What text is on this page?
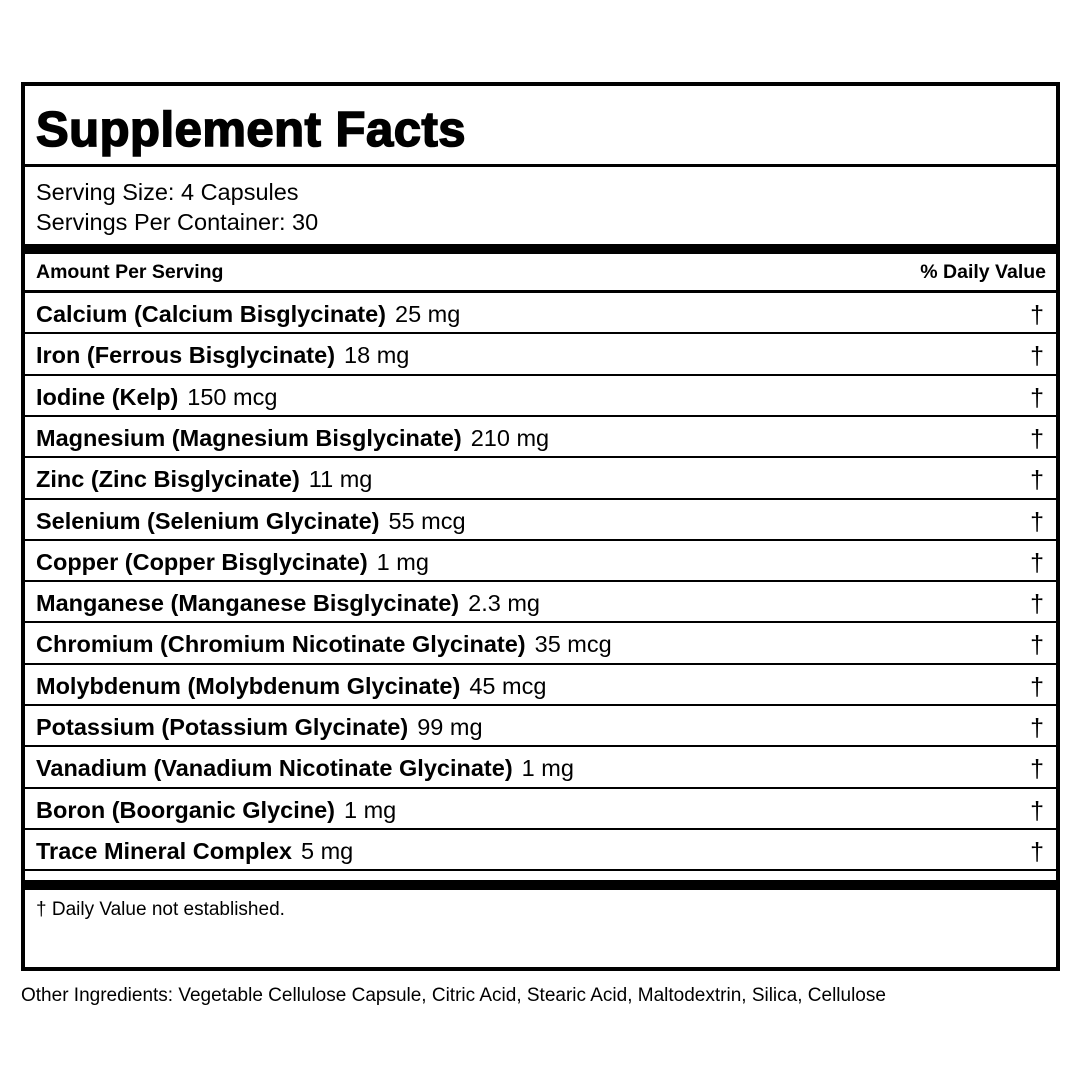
Supplement Facts
Serving Size: 4 Capsules
Servings Per Container: 30
Amount Per Serving	% Daily Value
Calcium (Calcium Bisglycinate) 25 mg	†
Iron (Ferrous Bisglycinate) 18 mg	†
Iodine (Kelp) 150 mcg	†
Magnesium (Magnesium Bisglycinate) 210 mg	†
Zinc (Zinc Bisglycinate) 11 mg	†
Selenium (Selenium Glycinate) 55 mcg	†
Copper (Copper Bisglycinate) 1 mg	†
Manganese (Manganese Bisglycinate) 2.3 mg	†
Chromium (Chromium Nicotinate Glycinate) 35 mcg	†
Molybdenum (Molybdenum Glycinate) 45 mcg	†
Potassium (Potassium Glycinate) 99 mg	†
Vanadium (Vanadium Nicotinate Glycinate) 1 mg	†
Boron (Boorganic Glycine) 1 mg	†
Trace Mineral Complex 5 mg	†
† Daily Value not established.
Other Ingredients: Vegetable Cellulose Capsule, Citric Acid, Stearic Acid, Maltodextrin, Silica, Cellulose
